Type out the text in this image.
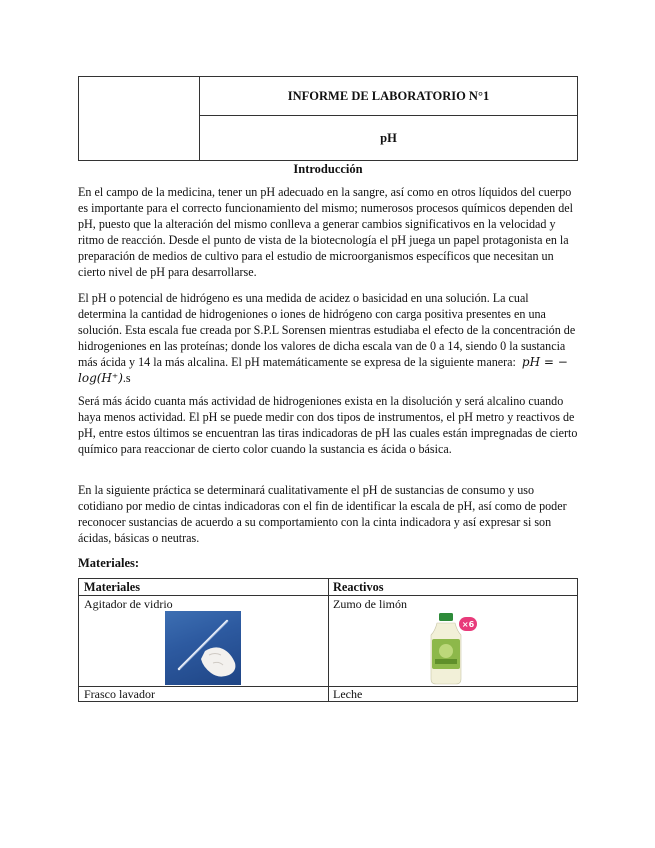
INFORME DE LABORATORIO N°1
pH
Introducción

En el campo de la medicina, tener un pH adecuado en la sangre, así como en otros líquidos del cuerpo es importante para el correcto funcionamiento del mismo; numerosos procesos químicos dependen del pH, puesto que la alteración del mismo conlleva a generar cambios significativos en la velocidad y ritmo de reacción. Desde el punto de vista de la biotecnología el pH juega un papel protagonista en la preparación de medios de cultivo para el estudio de microorganismos específicos que necesitan un cierto nivel de pH para desarrollarse.

El pH o potencial de hidrógeno es una medida de acidez o basicidad en una solución. La cual determina la cantidad de hidrogeniones o iones de hidrógeno con carga positiva presentes en una solución. Esta escala fue creada por S.P.L Sorensen mientras estudiaba el efecto de la concentración de hidrogeniones en las proteínas; donde los valores de dicha escala van de 0 a 14, siendo 0 la sustancia más ácida y 14 la más alcalina. El pH matemáticamente se expresa de la siguiente manera: pH = − log(H⁺).s

Será más ácido cuanta más actividad de hidrogeniones exista en la disolución y será alcalino cuando haya menos actividad. El pH se puede medir con dos tipos de instrumentos, el pH metro y reactivos de pH, entre estos últimos se encuentran las tiras indicadoras de pH las cuales están impregnadas de cierto químico para reaccionar de cierto color cuando la sustancia es ácida o básica.

En la siguiente práctica se determinará cualitativamente el pH de sustancias de consumo y uso cotidiano por medio de cintas indicadoras con el fin de identificar la escala de pH, así como de poder reconocer sustancias de acuerdo a su comportamiento con la cinta indicadora y así expresar si son ácidas, básicas o neutras.

Materiales:
Materiales	Reactivos
Agitador de vidrio	Zumo de limón
Frasco lavador	Leche
×6
